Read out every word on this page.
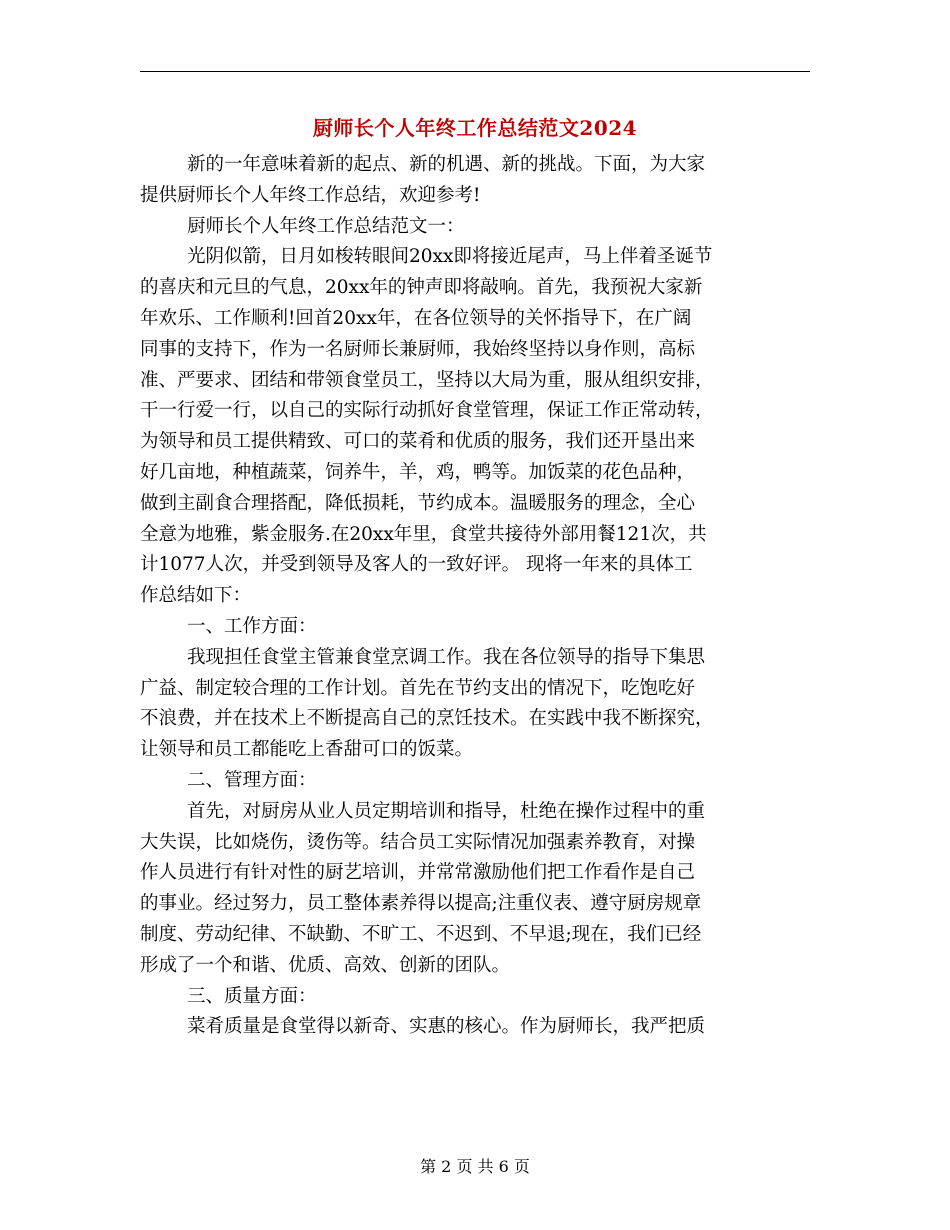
厨师长个人年终工作总结范文2024
新的一年意味着新的起点、新的机遇、新的挑战。下面，为大家
提供厨师长个人年终工作总结，欢迎参考!
厨师长个人年终工作总结范文一：
光阴似箭，日月如梭转眼间20xx即将接近尾声，马上伴着圣诞节
的喜庆和元旦的气息，20xx年的钟声即将敲响。首先，我预祝大家新
年欢乐、工作顺利!回首20xx年，在各位领导的关怀指导下，在广阔
同事的支持下，作为一名厨师长兼厨师，我始终坚持以身作则，高标
准、严要求、团结和带领食堂员工，坚持以大局为重，服从组织安排，
干一行爱一行，以自己的实际行动抓好食堂管理，保证工作正常动转，
为领导和员工提供精致、可口的菜肴和优质的服务，我们还开垦出来
好几亩地，种植蔬菜，饲养牛，羊，鸡，鸭等。加饭菜的花色品种，
做到主副食合理搭配，降低损耗，节约成本。温暖服务的理念，全心
全意为地雅，紫金服务.在20xx年里，食堂共接待外部用餐121次，共
计1077人次，并受到领导及客人的一致好评。 现将一年来的具体工
作总结如下：
一、工作方面：
我现担任食堂主管兼食堂烹调工作。我在各位领导的指导下集思
广益、制定较合理的工作计划。首先在节约支出的情况下，吃饱吃好
不浪费，并在技术上不断提高自己的烹饪技术。在实践中我不断探究，
让领导和员工都能吃上香甜可口的饭菜。
二、管理方面：
首先，对厨房从业人员定期培训和指导，杜绝在操作过程中的重
大失误，比如烧伤，烫伤等。结合员工实际情况加强素养教育，对操
作人员进行有针对性的厨艺培训，并常常激励他们把工作看作是自己
的事业。经过努力，员工整体素养得以提高;注重仪表、遵守厨房规章
制度、劳动纪律、不缺勤、不旷工、不迟到、不早退;现在，我们已经
形成了一个和谐、优质、高效、创新的团队。
三、质量方面：
菜肴质量是食堂得以新奇、实惠的核心。作为厨师长，我严把质
第 2 页 共 6 页
